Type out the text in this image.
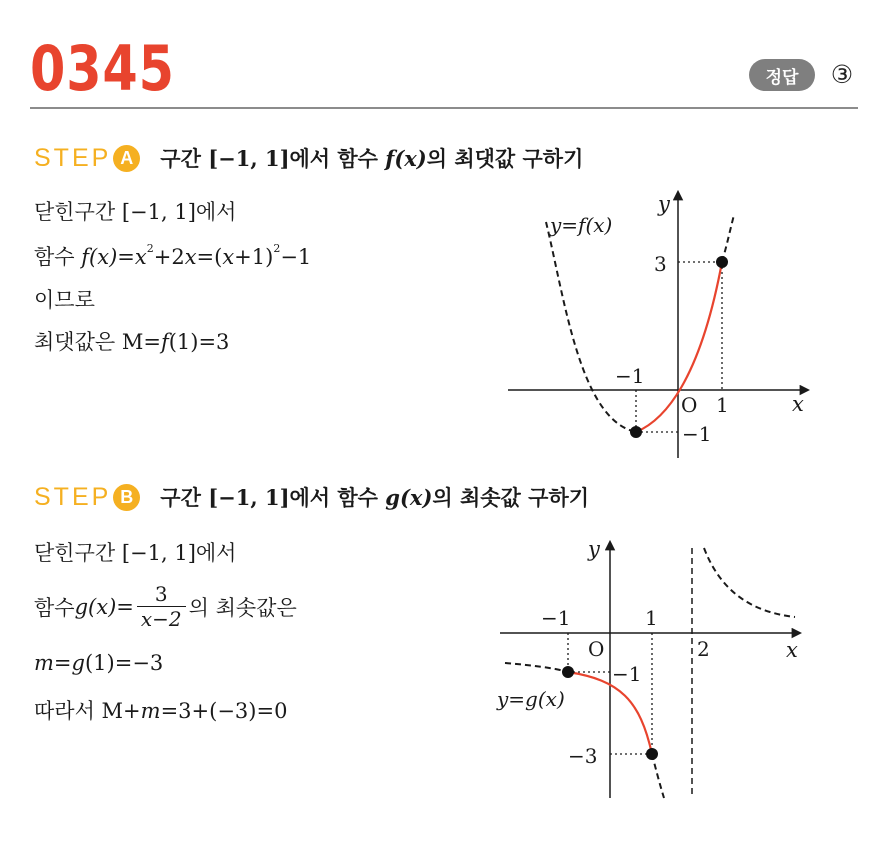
0345	정답	③
STEP A	구간 [−1, 1]에서 함수 f(x)의 최댓값 구하기
닫힌구간 [−1, 1]에서
함수 $f(x)=x^2+2x=(x+1)^2-1$
이므로
최댓값은 M=f(1)=3
y=f(x)
y
x
O 1
−1
3
−1
STEP B	구간 [−1, 1]에서 함수 g(x)의 최솟값 구하기
닫힌구간 [−1, 1]에서
함수 g $(x) = \frac{3}{x-2}$ 의 최솟값은
m=g(1)=−3
따라서 M+m=3+(−3)=0
y
x
O
−1	1
2
−1
−3
y=g(x)
